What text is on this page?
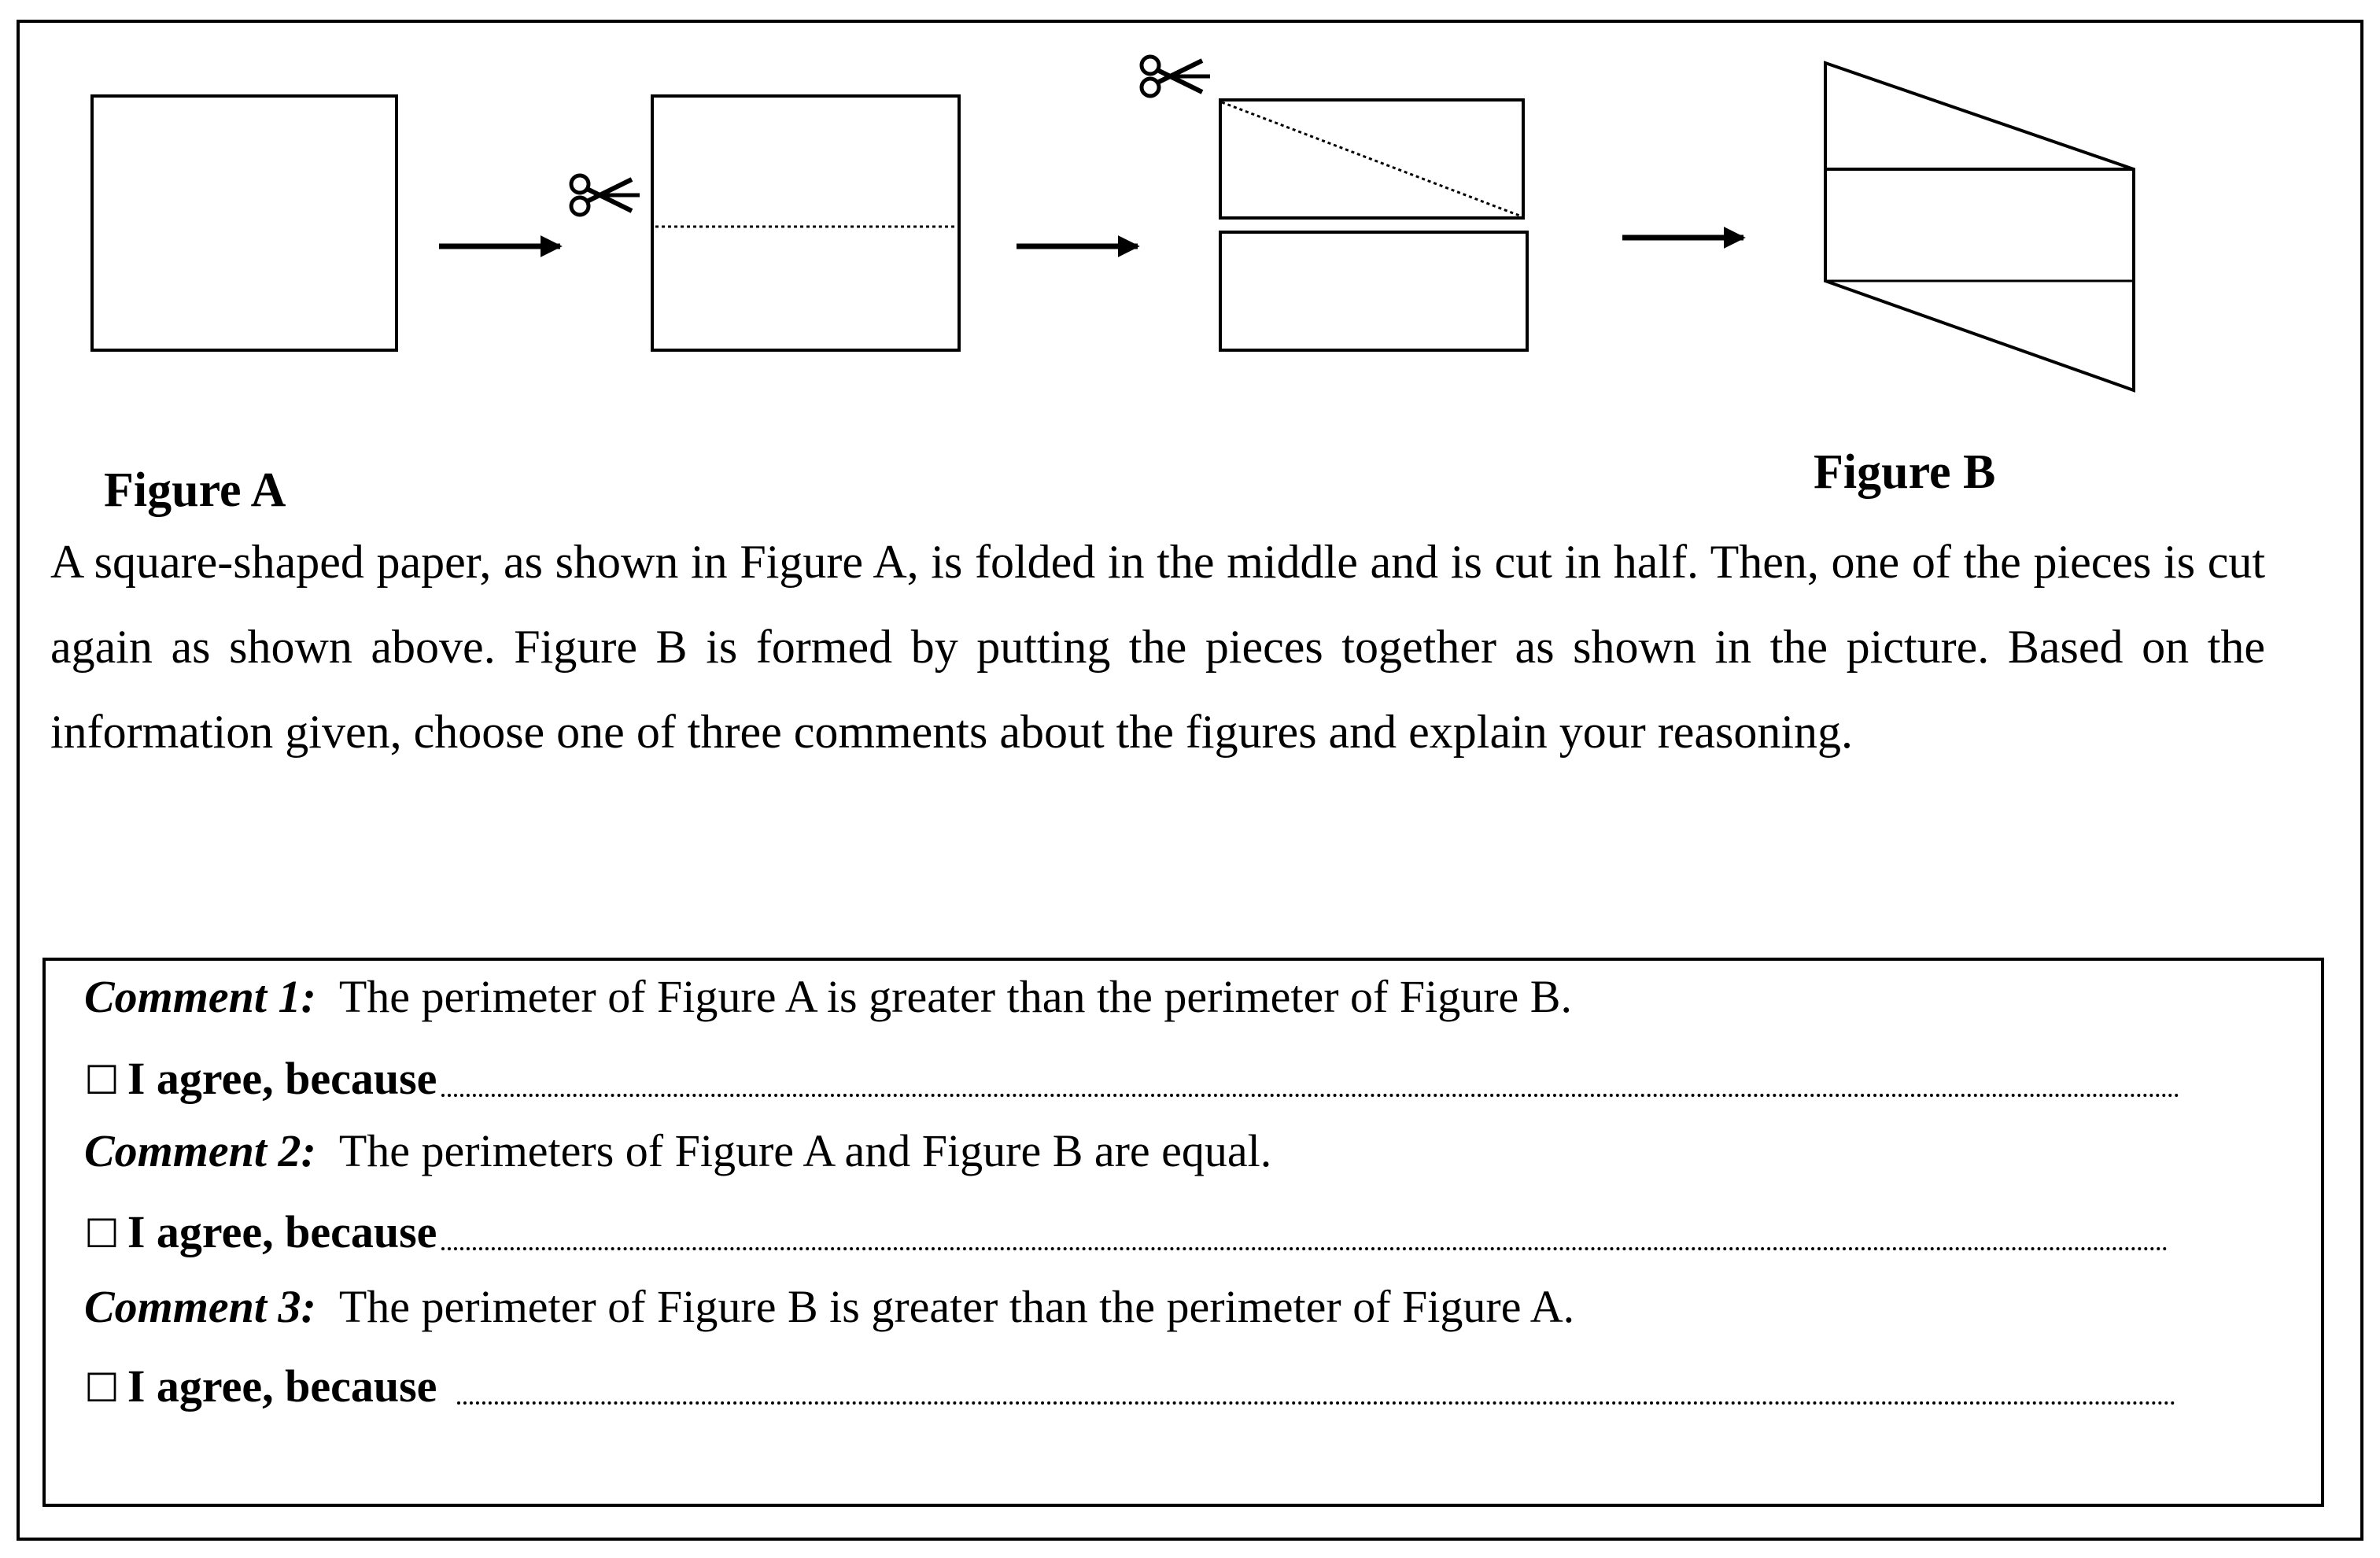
Figure A	Figure B

A square-shaped paper, as shown in Figure A, is folded in the middle and is cut in half. Then, one of the pieces is cut again as shown above. Figure B is formed by putting the pieces together as shown in the picture. Based on the information given, choose one of three comments about the figures and explain your reasoning.

Comment 1: The perimeter of Figure A is greater than the perimeter of Figure B.
☐ I agree, because
Comment 2: The perimeters of Figure A and Figure B are equal.
☐ I agree, because
Comment 3: The perimeter of Figure B is greater than the perimeter of Figure A.
☐ I agree, because
